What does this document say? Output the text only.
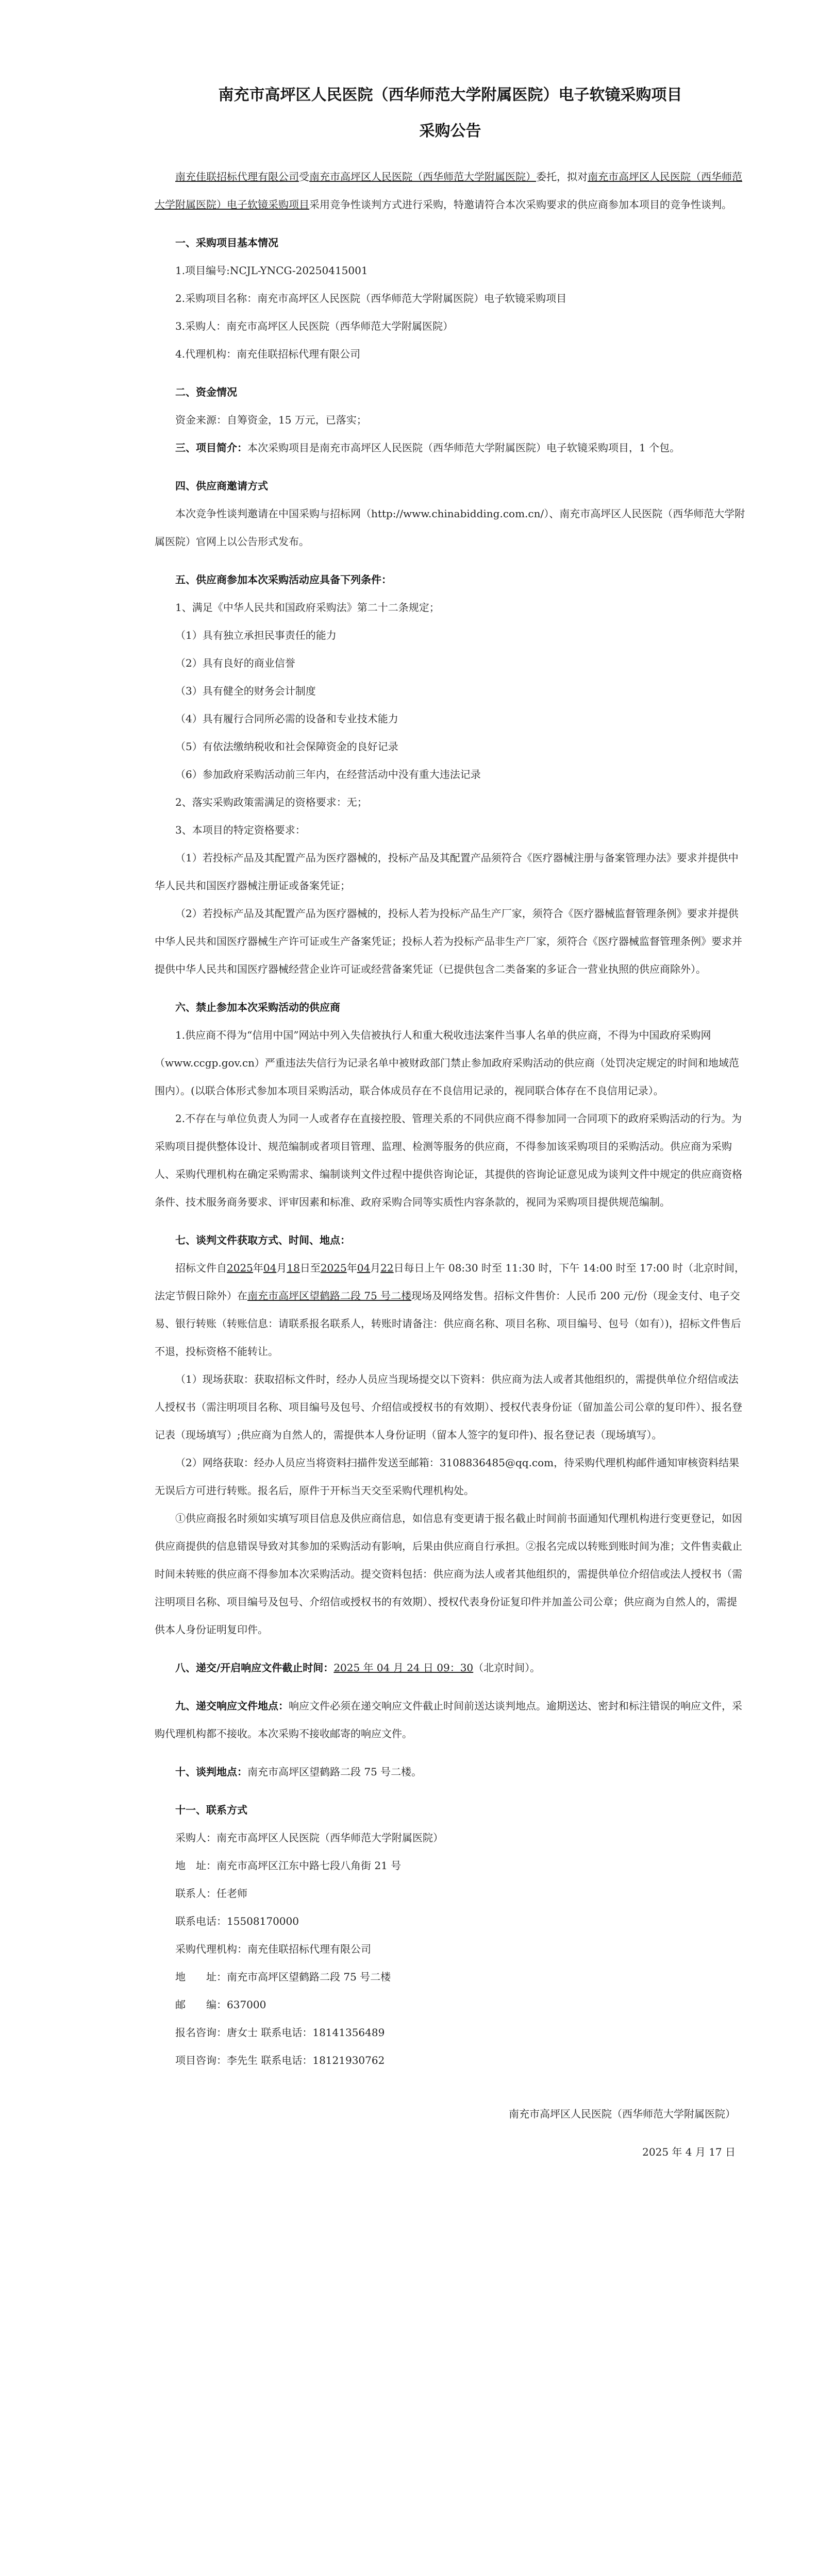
南充市高坪区人民医院（西华师范大学附属医院）电子软镜采购项目
采购公告

南充佳联招标代理有限公司受南充市高坪区人民医院（西华师范大学附属医院）委托，拟对南充市高坪区人民医院（西华师范大学附属医院）电子软镜采购项目采用竞争性谈判方式进行采购，特邀请符合本次采购要求的供应商参加本项目的竞争性谈判。

一、采购项目基本情况

1.项目编号:NCJL-YNCG-20250415001

2.采购项目名称：南充市高坪区人民医院（西华师范大学附属医院）电子软镜采购项目

3.采购人：南充市高坪区人民医院（西华师范大学附属医院）

4.代理机构：南充佳联招标代理有限公司

二、资金情况

资金来源：自筹资金，15 万元，已落实；

三、项目简介：本次采购项目是南充市高坪区人民医院（西华师范大学附属医院）电子软镜采购项目，1 个包。

四、供应商邀请方式

本次竞争性谈判邀请在中国采购与招标网（http://www.chinabidding.com.cn/）、南充市高坪区人民医院（西华师范大学附属医院）官网上以公告形式发布。

五、供应商参加本次采购活动应具备下列条件：

1、满足《中华人民共和国政府采购法》第二十二条规定；

（1）具有独立承担民事责任的能力

（2）具有良好的商业信誉

（3）具有健全的财务会计制度

（4）具有履行合同所必需的设备和专业技术能力

（5）有依法缴纳税收和社会保障资金的良好记录

（6）参加政府采购活动前三年内，在经营活动中没有重大违法记录

2、落实采购政策需满足的资格要求：无；

3、本项目的特定资格要求：

（1）若投标产品及其配置产品为医疗器械的，投标产品及其配置产品须符合《医疗器械注册与备案管理办法》要求并提供中华人民共和国医疗器械注册证或备案凭证；

（2）若投标产品及其配置产品为医疗器械的，投标人若为投标产品生产厂家，须符合《医疗器械监督管理条例》要求并提供中华人民共和国医疗器械生产许可证或生产备案凭证；投标人若为投标产品非生产厂家，须符合《医疗器械监督管理条例》要求并提供中华人民共和国医疗器械经营企业许可证或经营备案凭证（已提供包含二类备案的多证合一营业执照的供应商除外）。

六、禁止参加本次采购活动的供应商

1.供应商不得为“信用中国”网站中列入失信被执行人和重大税收违法案件当事人名单的供应商，不得为中国政府采购网（www.ccgp.gov.cn）严重违法失信行为记录名单中被财政部门禁止参加政府采购活动的供应商（处罚决定规定的时间和地域范围内）。(以联合体形式参加本项目采购活动，联合体成员存在不良信用记录的，视同联合体存在不良信用记录）。

2.不存在与单位负责人为同一人或者存在直接控股、管理关系的不同供应商不得参加同一合同项下的政府采购活动的行为。为采购项目提供整体设计、规范编制或者项目管理、监理、检测等服务的供应商，不得参加该采购项目的采购活动。供应商为采购人、采购代理机构在确定采购需求、编制谈判文件过程中提供咨询论证，其提供的咨询论证意见成为谈判文件中规定的供应商资格条件、技术服务商务要求、评审因素和标准、政府采购合同等实质性内容条款的，视同为采购项目提供规范编制。

七、谈判文件获取方式、时间、地点：

招标文件自2025年04月18日至2025年04月22日每日上午 08:30 时至 11:30 时，下午 14:00 时至 17:00 时（北京时间，法定节假日除外）在南充市高坪区望鹤路二段 75 号二楼现场及网络发售。招标文件售价：人民币 200 元/份（现金支付、电子交易、银行转账（转账信息：请联系报名联系人，转账时请备注：供应商名称、项目名称、项目编号、包号（如有）)，招标文件售后不退，投标资格不能转让。

（1）现场获取：获取招标文件时，经办人员应当现场提交以下资料：供应商为法人或者其他组织的，需提供单位介绍信或法人授权书（需注明项目名称、项目编号及包号、介绍信或授权书的有效期）、授权代表身份证（留加盖公司公章的复印件）、报名登记表（现场填写）;供应商为自然人的，需提供本人身份证明（留本人签字的复印件)、报名登记表（现场填写）。

（2）网络获取：经办人员应当将资料扫描件发送至邮箱：3108836485@qq.com，待采购代理机构邮件通知审核资料结果无误后方可进行转账。报名后，原件于开标当天交至采购代理机构处。

①供应商报名时须如实填写项目信息及供应商信息，如信息有变更请于报名截止时间前书面通知代理机构进行变更登记，如因供应商提供的信息错误导致对其参加的采购活动有影响，后果由供应商自行承担。②报名完成以转账到账时间为准；文件售卖截止时间未转账的供应商不得参加本次采购活动。提交资料包括：供应商为法人或者其他组织的，需提供单位介绍信或法人授权书（需注明项目名称、项目编号及包号、介绍信或授权书的有效期）、授权代表身份证复印件并加盖公司公章；供应商为自然人的，需提供本人身份证明复印件。

八、递交/开启响应文件截止时间：2025 年 04 月 24 日 09：30（北京时间）。

九、递交响应文件地点：响应文件必须在递交响应文件截止时间前送达谈判地点。逾期送达、密封和标注错误的响应文件，采购代理机构都不接收。本次采购不接收邮寄的响应文件。

十、谈判地点：南充市高坪区望鹤路二段 75 号二楼。

十一、联系方式

采购人：南充市高坪区人民医院（西华师范大学附属医院）

地　址：南充市高坪区江东中路七段八角街 21 号

联系人：任老师

联系电话：15508170000

采购代理机构：南充佳联招标代理有限公司

地　　址：南充市高坪区望鹤路二段 75 号二楼

邮　　编：637000

报名咨询：唐女士 联系电话：18141356489

项目咨询：李先生 联系电话：18121930762

南充市高坪区人民医院（西华师范大学附属医院）

2025 年 4 月 17 日
